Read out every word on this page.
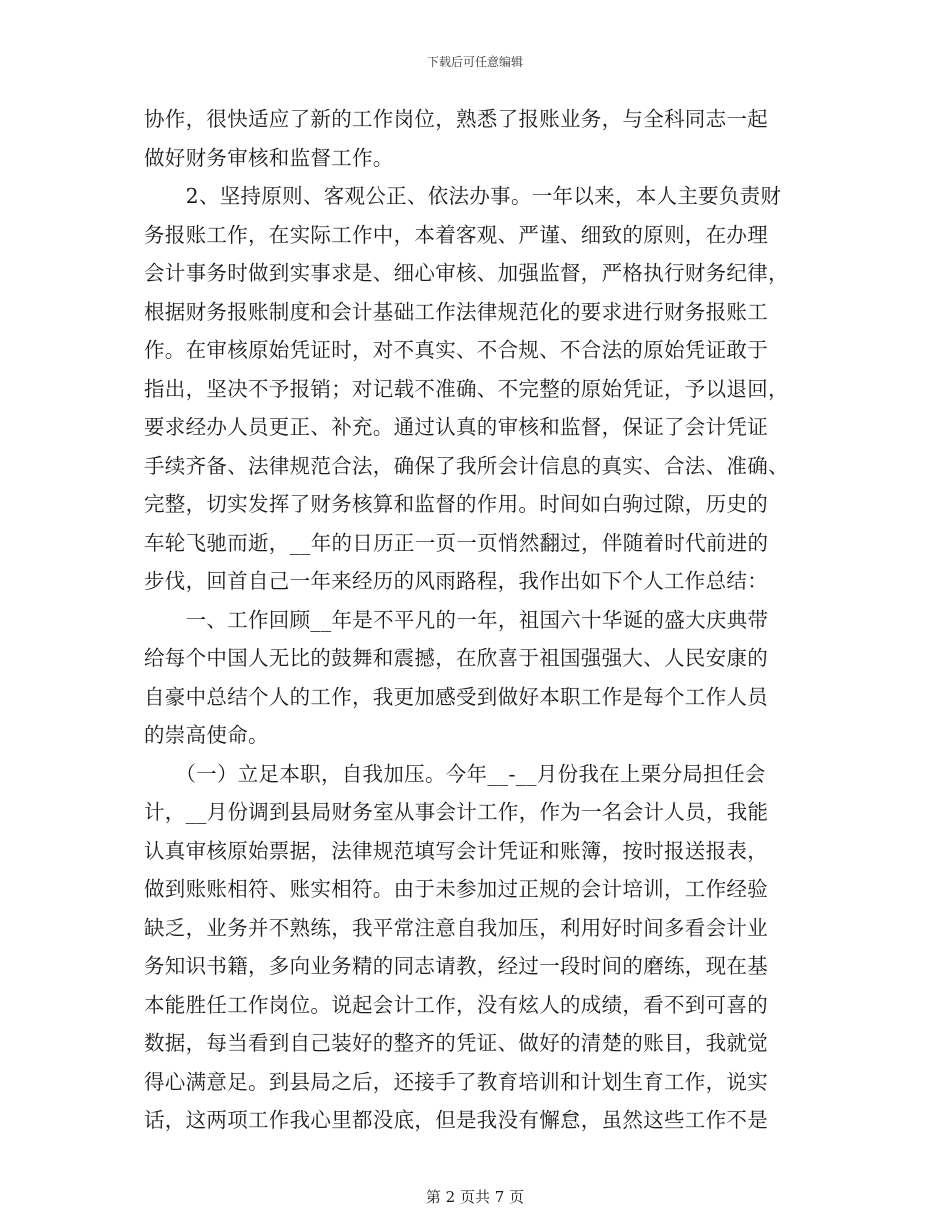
下载后可任意编辑
协作，很快适应了新的工作岗位，熟悉了报账业务，与全科同志一起
做好财务审核和监督工作。
　　2、坚持原则、客观公正、依法办事。一年以来，本人主要负责财
务报账工作，在实际工作中，本着客观、严谨、细致的原则，在办理
会计事务时做到实事求是、细心审核、加强监督，严格执行财务纪律，
根据财务报账制度和会计基础工作法律规范化的要求进行财务报账工
作。在审核原始凭证时，对不真实、不合规、不合法的原始凭证敢于
指出，坚决不予报销；对记载不准确、不完整的原始凭证，予以退回，
要求经办人员更正、补充。通过认真的审核和监督，保证了会计凭证
手续齐备、法律规范合法，确保了我所会计信息的真实、合法、准确、
完整，切实发挥了财务核算和监督的作用。时间如白驹过隙，历史的
车轮飞驰而逝，__年的日历正一页一页悄然翻过，伴随着时代前进的
步伐，回首自己一年来经历的风雨路程，我作出如下个人工作总结：
　　一、工作回顾__年是不平凡的一年，祖国六十华诞的盛大庆典带
给每个中国人无比的鼓舞和震撼，在欣喜于祖国强强大、人民安康的
自豪中总结个人的工作，我更加感受到做好本职工作是每个工作人员
的崇高使命。
　　（一）立足本职，自我加压。今年__-__月份我在上栗分局担任会
计，__月份调到县局财务室从事会计工作，作为一名会计人员，我能
认真审核原始票据，法律规范填写会计凭证和账簿，按时报送报表，
做到账账相符、账实相符。由于未参加过正规的会计培训，工作经验
缺乏，业务并不熟练，我平常注意自我加压，利用好时间多看会计业
务知识书籍，多向业务精的同志请教，经过一段时间的磨练，现在基
本能胜任工作岗位。说起会计工作，没有炫人的成绩，看不到可喜的
数据，每当看到自己装好的整齐的凭证、做好的清楚的账目，我就觉
得心满意足。到县局之后，还接手了教育培训和计划生育工作，说实
话，这两项工作我心里都没底，但是我没有懈怠，虽然这些工作不是
第 2 页共 7 页
